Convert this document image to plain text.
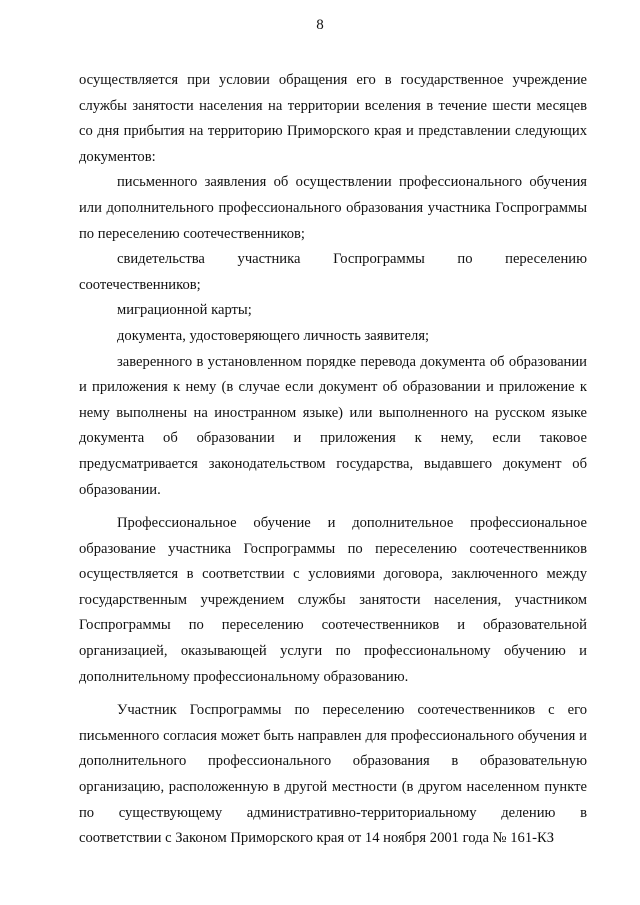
8

осуществляется при условии обращения его в государственное учреждение службы занятости населения на территории вселения в течение шести месяцев со дня прибытия на территорию Приморского края и представлении следующих документов:

письменного заявления об осуществлении профессионального обучения или дополнительного профессионального образования участника Госпрограммы по переселению соотечественников;

свидетельства участника Госпрограммы по переселению соотечественников;

миграционной карты;

документа, удостоверяющего личность заявителя;

заверенного в установленном порядке перевода документа об образовании и приложения к нему (в случае если документ об образовании и приложение к нему выполнены на иностранном языке) или выполненного на русском языке документа об образовании и приложения к нему, если таковое предусматривается законодательством государства, выдавшего документ об образовании.

Профессиональное обучение и дополнительное профессиональное образование участника Госпрограммы по переселению соотечественников осуществляется в соответствии с условиями договора, заключенного между государственным учреждением службы занятости населения, участником Госпрограммы по переселению соотечественников и образовательной организацией, оказывающей услуги по профессиональному обучению и дополнительному профессиональному образованию.

Участник Госпрограммы по переселению соотечественников с его письменного согласия может быть направлен для профессионального обучения и дополнительного профессионального образования в образовательную организацию, расположенную в другой местности (в другом населенном пункте по существующему административно-территориальному делению в соответствии с Законом Приморского края от 14 ноября 2001 года № 161-КЗ
